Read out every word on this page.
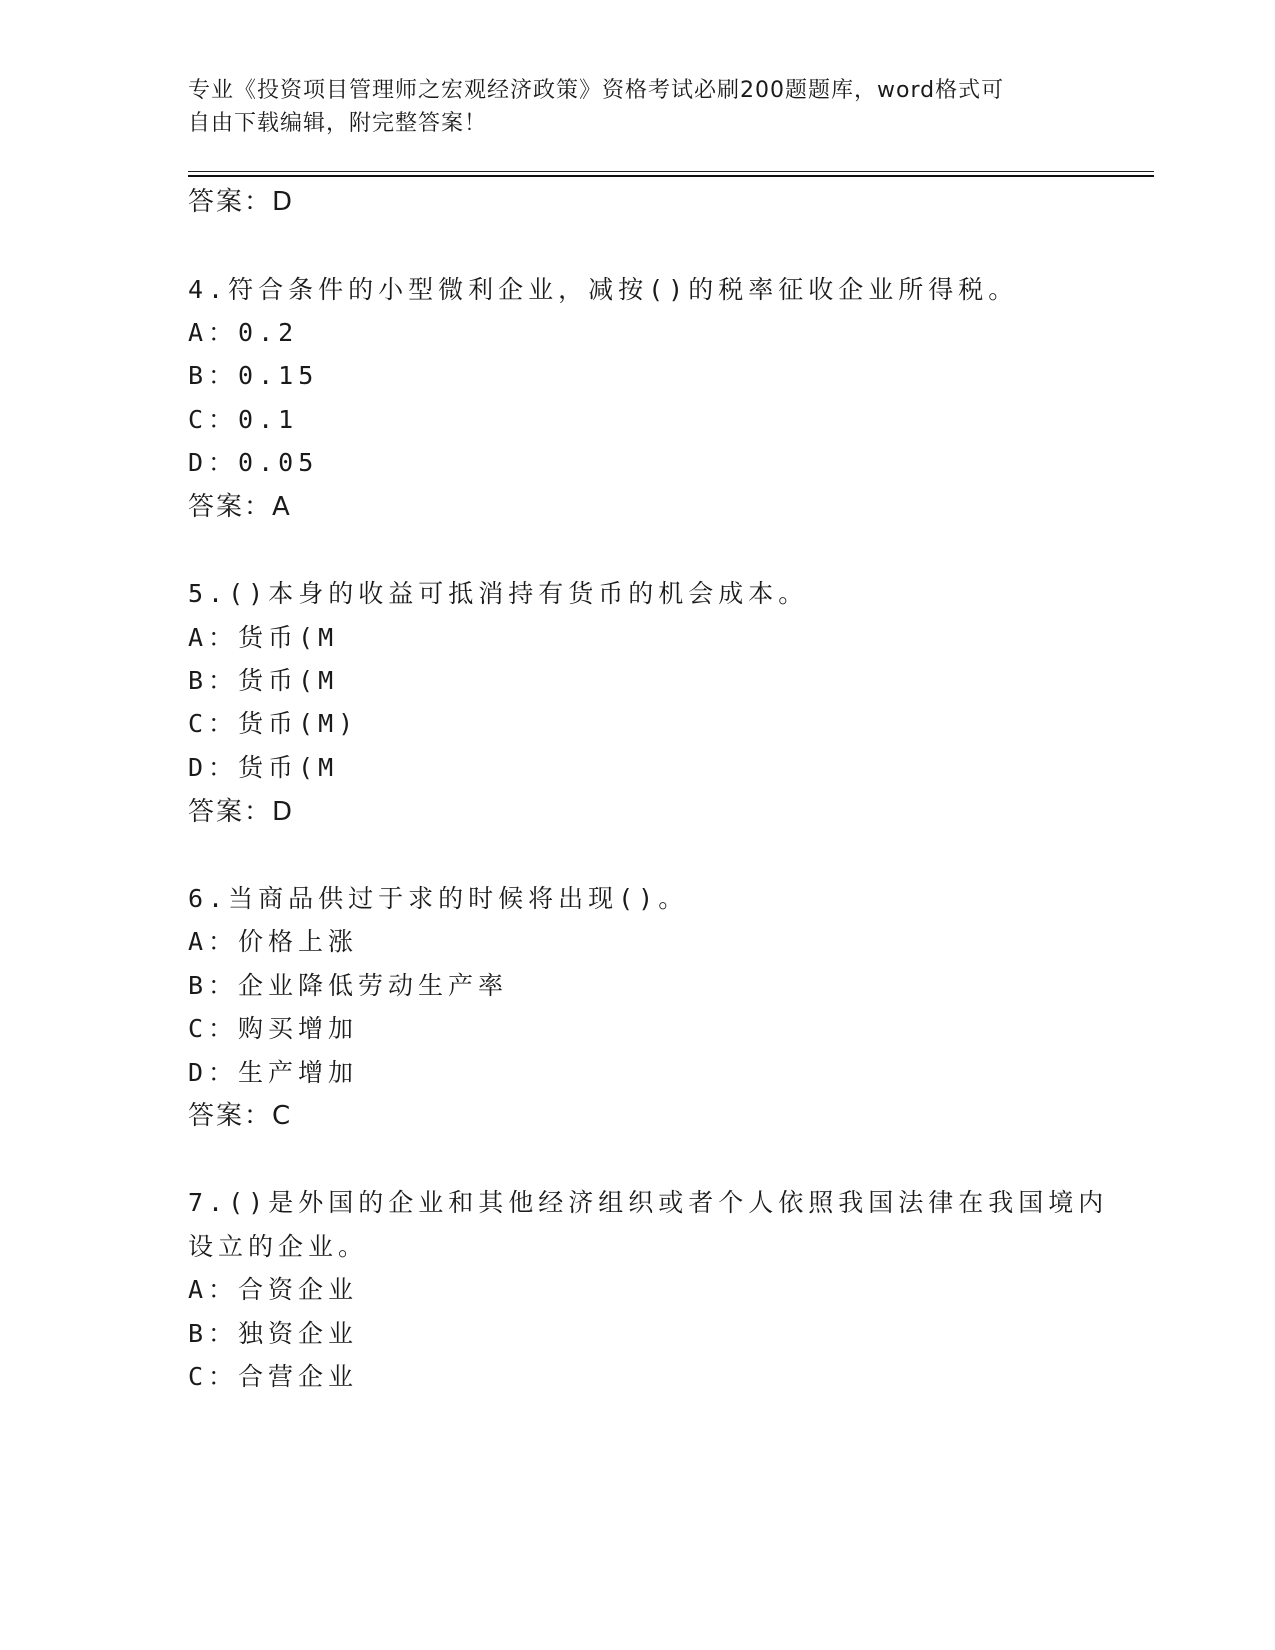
专业《投资项目管理师之宏观经济政策》资格考试必刷200题题库，word格式可
自由下载编辑，附完整答案！
答案：D
4.符合条件的小型微利企业，减按()的税率征收企业所得税。
A：0.2
B：0.15
C：0.1
D：0.05
答案：A
5.()本身的收益可抵消持有货币的机会成本。
A：货币(M
B：货币(M
C：货币(M)
D：货币(M
答案：D
6.当商品供过于求的时候将出现()。
A：价格上涨
B：企业降低劳动生产率
C：购买增加
D：生产增加
答案：C
7.()是外国的企业和其他经济组织或者个人依照我国法律在我国境内
设立的企业。
A：合资企业
B：独资企业
C：合营企业
